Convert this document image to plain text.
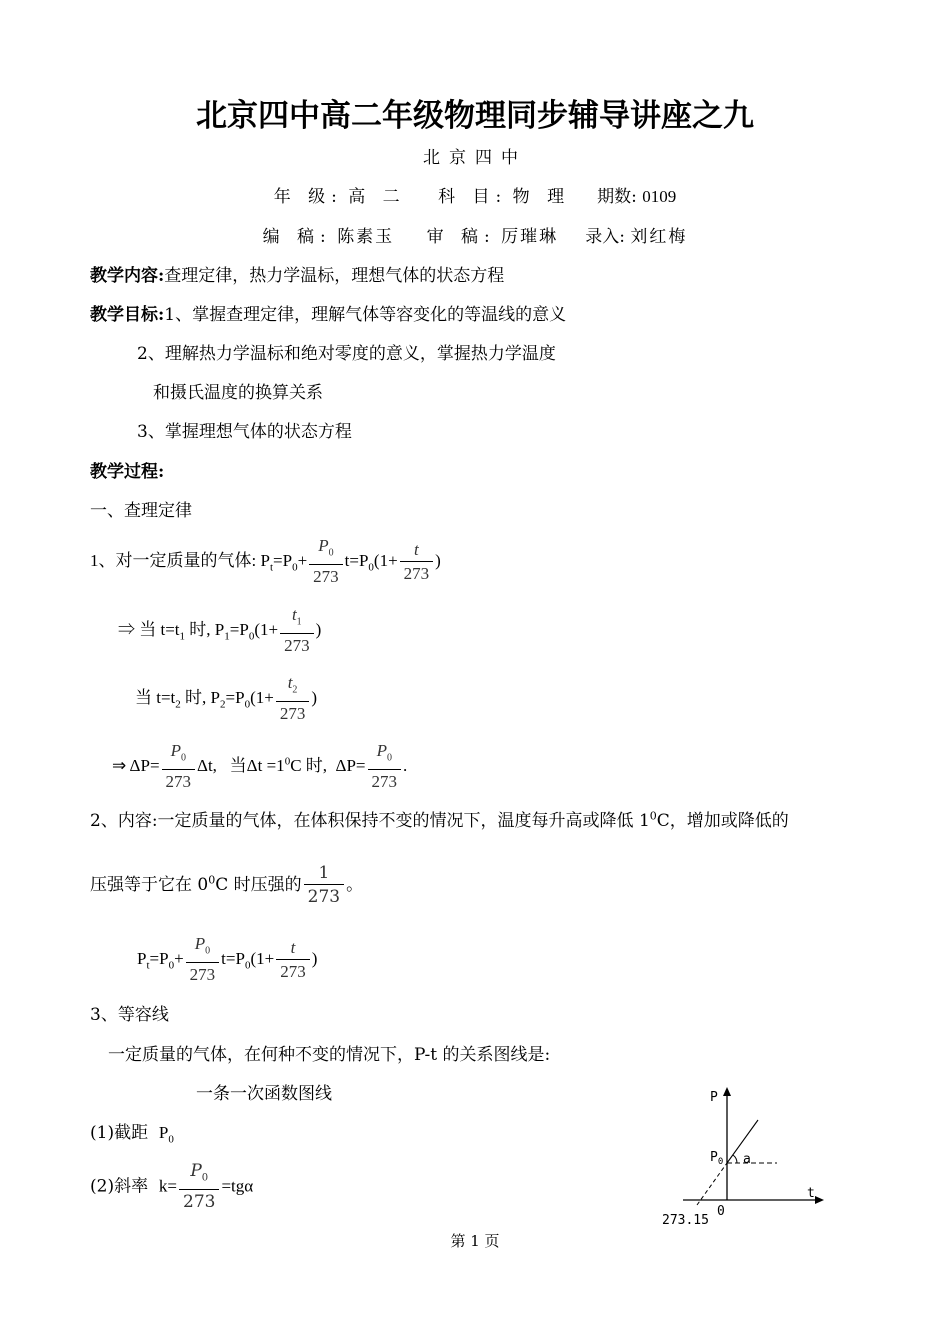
北京四中高二年级物理同步辅导讲座之九
北京四中
年 级: 高 二 科 目: 物 理 期数: 0109
编 稿: 陈素玉 审 稿: 厉璀琳 录入: 刘红梅
教学内容:查理定律，热力学温标，理想气体的状态方程
教学目标:1、掌握查理定律，理解气体等容变化的等温线的意义
2、理解热力学温标和绝对零度的意义，掌握热力学温度
和摄氏温度的换算关系
3、掌握理想气体的状态方程
教学过程:
一、查理定律
1、对一定质量的气体: $P_t=P_0+ \frac{P_0}{273} t=P_0(1+ \frac{t}{273}$ )
⇒ 当 $t=t_1$ 时, $P_1=P_0(1+ \frac{t_1}{273}$ )
当 $t=t_2$ 时, $P_2=P_0(1+ \frac{t_2}{273}$ )
⇒ $\Delta P= \frac{P_0}{273} \Delta t$,   当$\Delta t =1^0C$ 时,  $\Delta P= \frac{P_0}{273}$ .
2、内容:一定质量的气体，在体积保持不变的情况下，温度每升高或降低 $1^0C$，增加或降低的
压强等于它在 $0^0C$ 时压强的 $\frac{1}{273}$ 。
$P_t=P_0+ \frac{P_0}{273} t=P_0(1+ \frac{t}{273}$ )
3、等容线
一定质量的气体，在何种不变的情况下，P-t 的关系图线是:
一条一次函数图线
(1)截距 $P_0$
(2)斜率 $k= \frac{P_0}{273} =tg\alpha$
P
t
$P_0$ a
0
273.15
第 1 页
